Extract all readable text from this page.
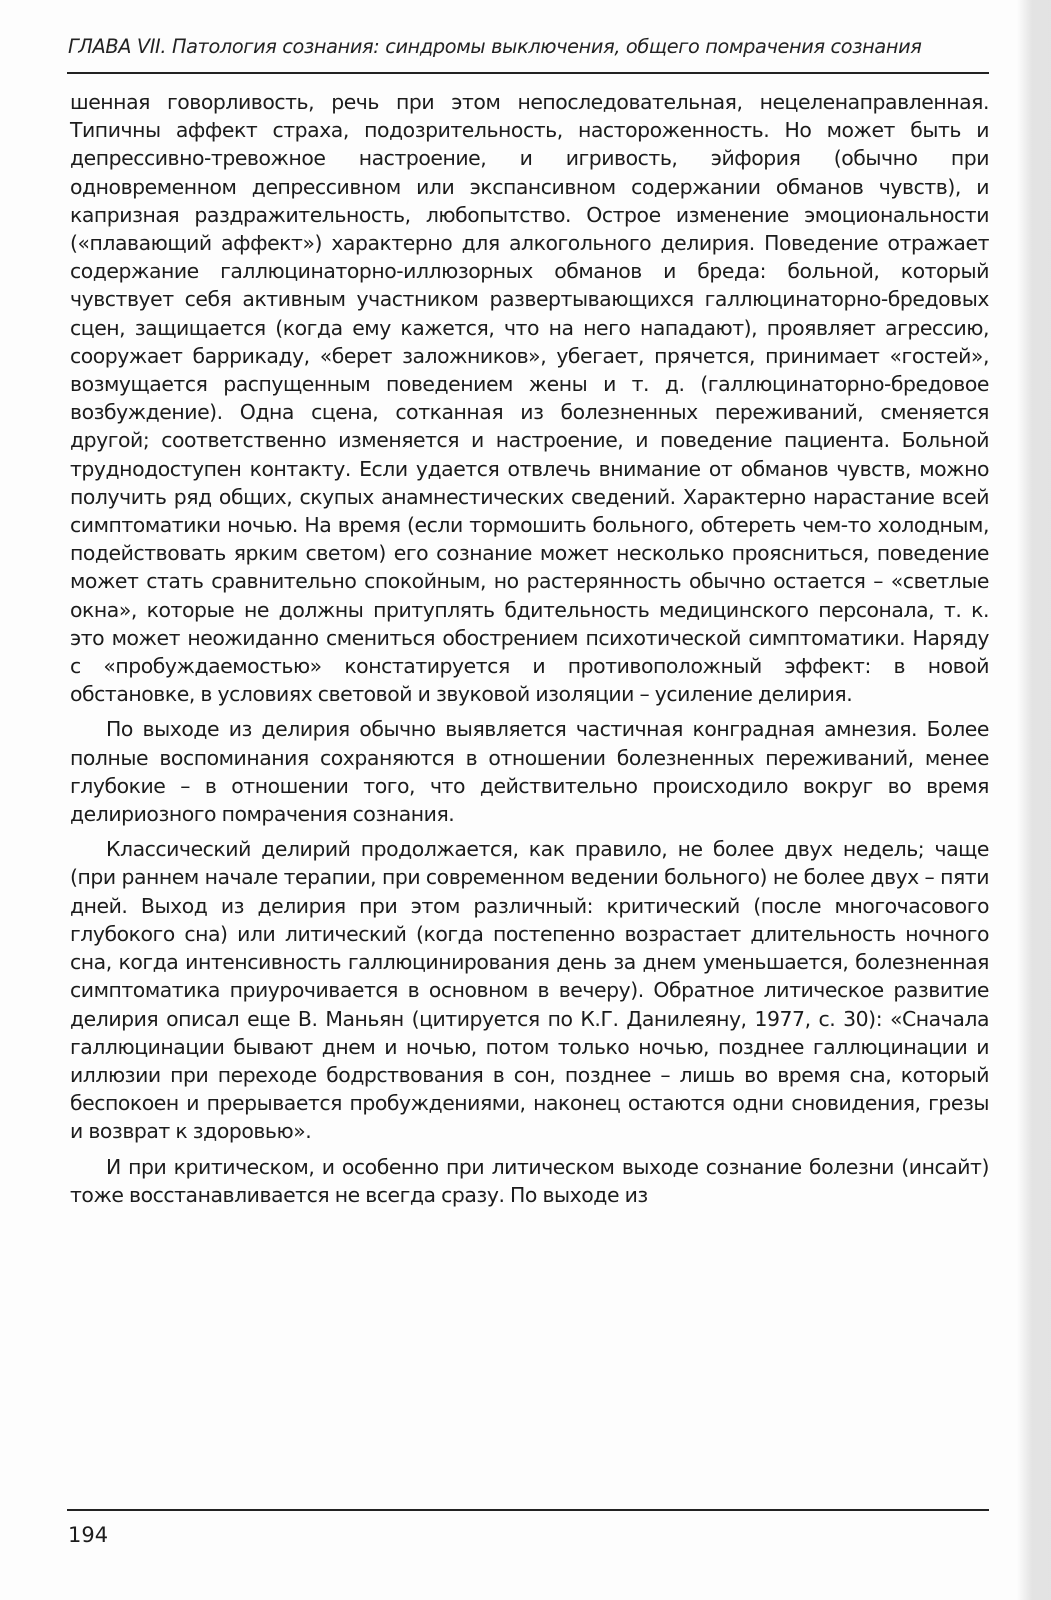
ГЛАВА VII. Патология сознания: синдромы выключения, общего помрачения сознания

шенная говорливость, речь при этом непоследовательная, нецеленаправленная. Типичны аффект страха, подозрительность, настороженность. Но может быть и депрессивно-тревожное настроение, и игривость, эйфория (обычно при одновременном депрессивном или экспансивном содержании обманов чувств), и капризная раздражительность, любопытство. Острое изменение эмоциональности («плавающий аффект») характерно для алкогольного делирия. Поведение отражает содержание галлюцинаторно-иллюзорных обманов и бреда: больной, который чувствует себя активным участником развертывающихся галлюцинаторно-бредовых сцен, защищается (когда ему кажется, что на него нападают), проявляет агрессию, сооружает баррикаду, «берет заложников», убегает, прячется, принимает «гостей», возмущается распущенным поведением жены и т. д. (галлюцинаторно-бредовое возбуждение). Одна сцена, сотканная из болезненных переживаний, сменяется другой; соответственно изменяется и настроение, и поведение пациента. Больной труднодоступен контакту. Если удается отвлечь внимание от обманов чувств, можно получить ряд общих, скупых анамнестических сведений. Характерно нарастание всей симптоматики ночью. На время (если тормошить больного, обтереть чем-то холодным, подействовать ярким светом) его сознание может несколько проясниться, поведение может стать сравнительно спокойным, но растерянность обычно остается – «светлые окна», которые не должны притуплять бдительность медицинского персонала, т. к. это может неожиданно смениться обострением психотической симптоматики. Наряду с «пробуждаемостью» констатируется и противоположный эффект: в новой обстановке, в условиях световой и звуковой изоляции – усиление делирия.

По выходе из делирия обычно выявляется частичная конградная амнезия. Более полные воспоминания сохраняются в отношении болезненных переживаний, менее глубокие – в отношении того, что действительно происходило вокруг во время делириозного помрачения сознания.

Классический делирий продолжается, как правило, не более двух недель; чаще (при раннем начале терапии, при современном ведении больного) не более двух – пяти дней. Выход из делирия при этом различный: критический (после многочасового глубокого сна) или литический (когда постепенно возрастает длительность ночного сна, когда интенсивность галлюцинирования день за днем уменьшается, болезненная симптоматика приурочивается в основном в вечеру). Обратное литическое развитие делирия описал еще В. Маньян (цитируется по К.Г. Данилеяну, 1977, с. 30): «Сначала галлюцинации бывают днем и ночью, потом только ночью, позднее галлюцинации и иллюзии при переходе бодрствования в сон, позднее – лишь во время сна, который беспокоен и прерывается пробуждениями, наконец остаются одни сновидения, грезы и возврат к здоровью».

И при критическом, и особенно при литическом выходе сознание болезни (инсайт) тоже восстанавливается не всегда сразу. По выходе из

194
